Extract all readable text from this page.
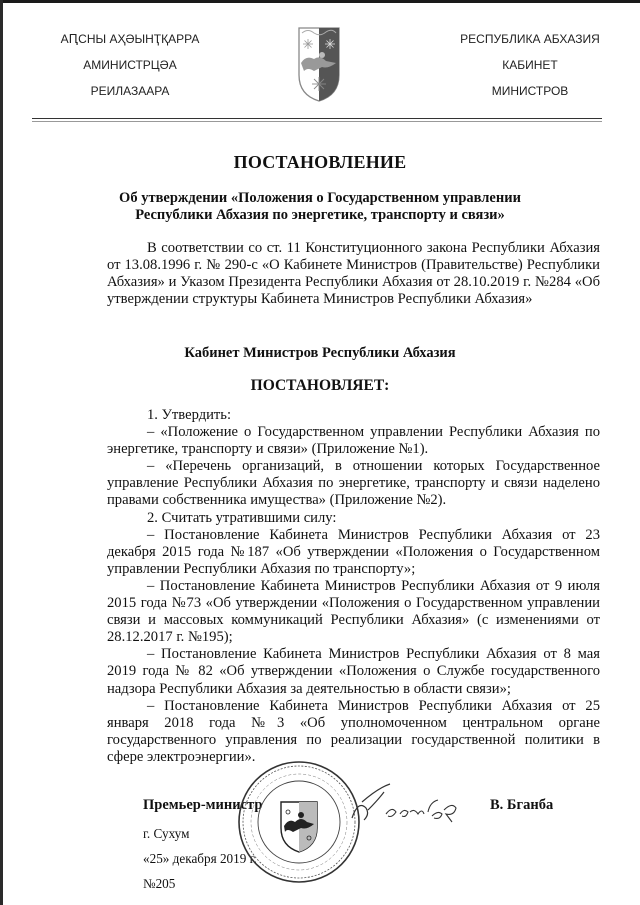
АԤСНЫ АҲӘЫНҬҚАРРА
АМИНИСТРЦӘА
РЕИЛАЗААРА
РЕСПУБЛИКА АБХАЗИЯ
КАБИНЕТ
МИНИСТРОВ
ПОСТАНОВЛЕНИЕ
Об утверждении «Положения о Государственном управлении
Республики Абхазия по энергетике, транспорту и связи»

В соответствии со ст. 11 Конституционного закона Республики Абхазия от 13.08.1996 г. № 290-с «О Кабинете Министров (Правительстве) Республики Абхазия» и Указом Президента Республики Абхазия от 28.10.2019 г. №284 «Об утверждении структуры Кабинета Министров Республики Абхазия»

Кабинет Министров Республики Абхазия
ПОСТАНОВЛЯЕТ:

1. Утвердить:

– «Положение о Государственном управлении Республики Абхазия по энергетике, транспорту и связи» (Приложение №1).

– «Перечень организаций, в отношении которых Государственное управление Республики Абхазия по энергетике, транспорту и связи наделено правами собственника имущества» (Приложение №2).

2. Считать утратившими силу:

– Постановление Кабинета Министров Республики Абхазия от 23 декабря 2015 года №187 «Об утверждении «Положения о Государственном управлении Республики Абхазия по транспорту»;

– Постановление Кабинета Министров Республики Абхазия от 9 июля 2015 года №73 «Об утверждении «Положения о Государственном управлении связи и массовых коммуникаций Республики Абхазия» (с изменениями от 28.12.2017 г. №195);

– Постановление Кабинета Министров Республики Абхазия от 8 мая 2019 года № 82 «Об утверждении «Положения о Службе государственного надзора Республики Абхазия за деятельностью в области связи»;

– Постановление Кабинета Министров Республики Абхазия от 25 января 2018 года №3 «Об уполномоченном центральном органе государственного управления по реализации государственной политики в сфере электроэнергии».

Премьер-министр	В. Бганба
г. Сухум
«25» декабря 2019 г.
№205
